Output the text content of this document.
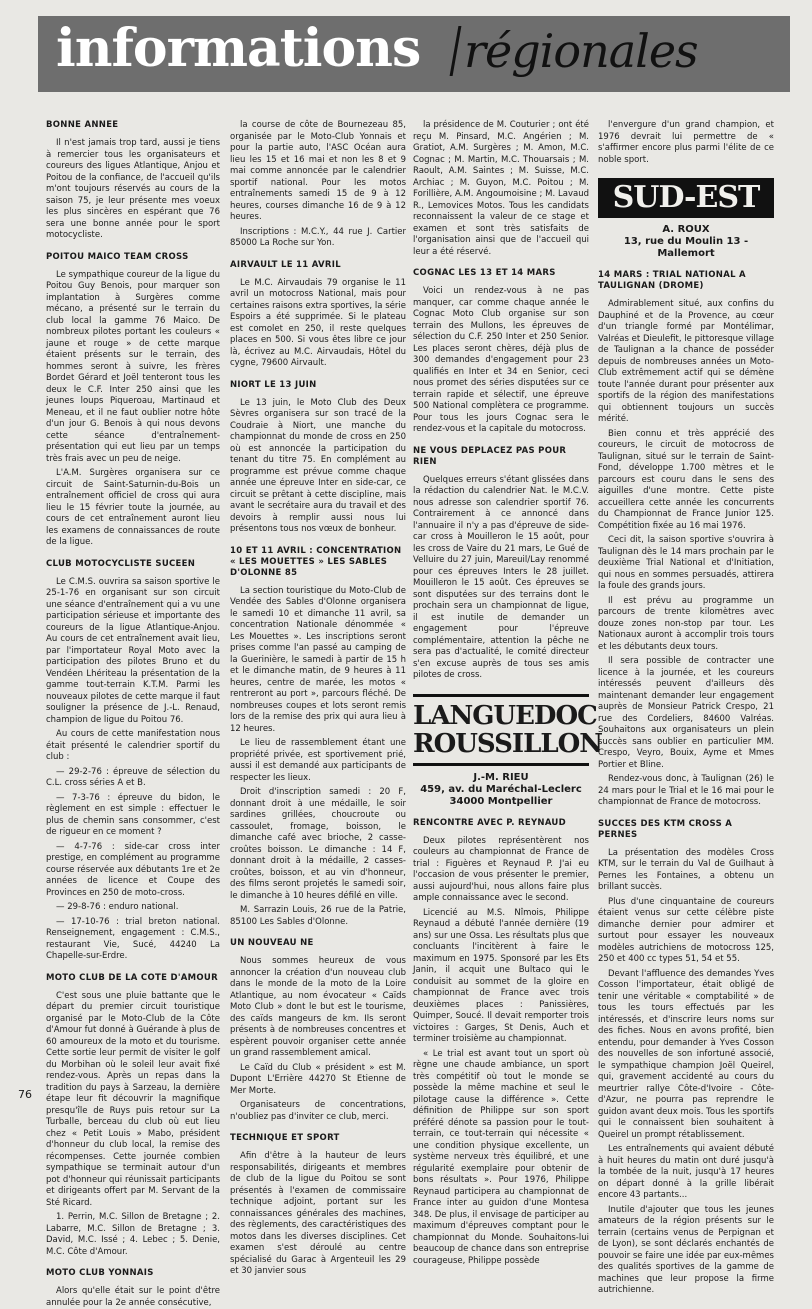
informations régionales
BONNE ANNEE

Il n'est jamais trop tard, aussi je tiens à remercier tous les organisateurs et coureurs des ligues Atlantique, Anjou et Poitou de la confiance, de l'accueil qu'ils m'ont toujours réservés au cours de la saison 75, je leur présente mes voeux les plus sincères en espérant que 76 sera une bonne année pour le sport motocycliste.

POITOU MAICO TEAM CROSS

Le sympathique coureur de la ligue du Poitou Guy Benois, pour marquer son implantation à Surgères comme mécano, a présenté sur le terrain du club local la gamme 76 Maico. De nombreux pilotes portant les couleurs « jaune et rouge » de cette marque étaient présents sur le terrain, des hommes seront à suivre, les frères Bordet Gérard et Joël tenteront tous les deux le C.F. Inter 250 ainsi que les jeunes loups Piqueroau, Martinaud et Meneau, et il ne faut oublier notre hôte d'un jour G. Benois à qui nous devons cette séance d'entraînement-présentation qui eut lieu par un temps très frais avec un peu de neige.

L'A.M. Surgères organisera sur ce circuit de Saint-Saturnin-du-Bois un entraînement officiel de cross qui aura lieu le 15 février toute la journée, au cours de cet entraînement auront lieu les examens de connaissances de route de la ligue.

CLUB MOTOCYCLISTE SUCEEN

Le C.M.S. ouvrira sa saison sportive le 25-1-76 en organisant sur son circuit une séance d'entraînement qui a vu une participation sérieuse et importante des coureurs de la ligue Atlantique-Anjou. Au cours de cet entraînement avait lieu, par l'importateur Royal Moto avec la participation des pilotes Bruno et du Vendéen Lhériteau la présentation de la gamme tout-terrain K.T.M. Parmi les nouveaux pilotes de cette marque il faut souligner la présence de J.-L. Renaud, champion de ligue du Poitou 76.

Au cours de cette manifestation nous était présenté le calendrier sportif du club :

— 29-2-76 : épreuve de sélection du C.L. cross séries A et B.

— 7-3-76 : épreuve du bidon, le règlement en est simple : effectuer le plus de chemin sans consommer, c'est de rigueur en ce moment ?

— 4-7-76 : side-car cross inter prestige, en complément au programme course réservée aux débutants 1re et 2e années de licence et Coupe des Provinces en 250 de moto-cross.

— 29-8-76 : enduro national.

— 17-10-76 : trial breton national. Renseignement, engagement : C.M.S., restaurant Vie, Sucé, 44240 La Chapelle-sur-Erdre.

MOTO CLUB DE LA COTE D'AMOUR

C'est sous une pluie battante que le départ du premier circuit touristique organisé par le Moto-Club de la Côte d'Amour fut donné à Guérande à plus de 60 amoureux de la moto et du tourisme. Cette sortie leur permit de visiter le golf du Morbihan où le soleil leur avait fixé rendez-vous. Après un repas dans la tradition du pays à Sarzeau, la dernière étape leur fit découvrir la magnifique presqu'île de Ruys puis retour sur La Turballe, berceau du club où eut lieu chez « Petit Louis » Mabo, président d'honneur du club local, la remise des récompenses. Cette journée combien sympathique se terminait autour d'un pot d'honneur qui réunissait participants et dirigeants offert par M. Servant de la Sté Ricard.

1. Perrin, M.C. Sillon de Bretagne ; 2. Labarre, M.C. Sillon de Bretagne ; 3. David, M.C. Issé ; 4. Lebec ; 5. Denie, M.C. Côte d'Amour.

MOTO CLUB YONNAIS

Alors qu'elle était sur le point d'être annulée pour la 2e année consécutive,

la course de côte de Bournezeau 85, organisée par le Moto-Club Yonnais et pour la partie auto, l'ASC Océan aura lieu les 15 et 16 mai et non les 8 et 9 mai comme annoncée par le calendrier sportif national. Pour les motos entraînements samedi 15 de 9 à 12 heures, courses dimanche 16 de 9 à 12 heures.

Inscriptions : M.C.Y., 44 rue J. Cartier 85000 La Roche sur Yon.

AIRVAULT LE 11 AVRIL

Le M.C. Airvaudais 79 organise le 11 avril un motocross National, mais pour certaines raisons extra sportives, la série Espoirs a été supprimée. Si le plateau est comolet en 250, il reste quelques places en 500. Si vous êtes libre ce jour là, écrivez au M.C. Airvaudais, Hôtel du cygne, 79600 Airvault.

NIORT LE 13 JUIN

Le 13 juin, le Moto Club des Deux Sèvres organisera sur son tracé de la Coudraie à Niort, une manche du championnat du monde de cross en 250 où est annoncée la participation du tenant du titre 75. En complément au programme est prévue comme chaque année une épreuve Inter en side-car, ce circuit se prêtant à cette discipline, mais avant le secrétaire aura du travail et des devoirs à remplir aussi nous lui présentons tous nos vœux de bonheur.

10 ET 11 AVRIL : CONCENTRATION « LES MOUETTES » LES SABLES D'OLONNE 85

La section touristique du Moto-Club de Vendée des Sables d'Olonne organisera le samedi 10 et dimanche 11 avril, sa concentration Nationale dénommée « Les Mouettes ». Les inscriptions seront prises comme l'an passé au camping de la Guerinière, le samedi à partir de 15 h et le dimanche matin, de 9 heures à 11 heures, centre de marée, les motos « rentreront au port », parcours fléché. De nombreuses coupes et lots seront remis lors de la remise des prix qui aura lieu à 12 heures.

Le lieu de rassemblement étant une propriété privée, est sportivement prié, aussi il est demandé aux participants de respecter les lieux.

Droit d'inscription samedi : 20 F, donnant droit à une médaille, le soir sardines grillées, choucroute ou cassoulet, fromage, boisson, le dimanche café avec brioche, 2 casse-croûtes boisson. Le dimanche : 14 F, donnant droit à la médaille, 2 casses-croûtes, boisson, et au vin d'honneur, des films seront projetés le samedi soir, le dimanche à 10 heures défilé en ville.

M. Sarrazin Louis, 26 rue de la Patrie, 85100 Les Sables d'Olonne.

UN NOUVEAU NE

Nous sommes heureux de vous annoncer la création d'un nouveau club dans le monde de la moto de la Loire Atlantique, au nom évocateur « Caïds Moto Club » dont le but est le tourisme, des caïds mangeurs de km. Ils seront présents à de nombreuses concentres et espèrent pouvoir organiser cette année un grand rassemblement amical.

Le Caïd du Club « président » est M. Dupont L'Errière 44270 St Etienne de Mer Morte.

Organisateurs de concentrations, n'oubliez pas d'inviter ce club, merci.

TECHNIQUE ET SPORT

Afin d'être à la hauteur de leurs responsabilités, dirigeants et membres de club de la ligue du Poitou se sont présentés à l'examen de commissaire technique adjoint, portant sur les connaissances générales des machines, des règlements, des caractéristiques des motos dans les diverses disciplines. Cet examen s'est déroulé au centre spécialisé du Garac à Argenteuil les 29 et 30 janvier sous

la présidence de M. Couturier ; ont été reçu M. Pinsard, M.C. Angérien ; M. Gratiot, A.M. Surgères ; M. Amon, M.C. Cognac ; M. Martin, M.C. Thouarsais ; M. Raoult, A.M. Saintes ; M. Suisse, M.C. Archiac ; M. Guyon, M.C. Poitou ; M. Forillière, A.M. Angoumoisine ; M. Lavaud R., Lemovices Motos. Tous les candidats reconnaissent la valeur de ce stage et examen et sont très satisfaits de l'organisation ainsi que de l'accueil qui leur a été réservé.

COGNAC LES 13 ET 14 MARS

Voici un rendez-vous à ne pas manquer, car comme chaque année le Cognac Moto Club organise sur son terrain des Mullons, les épreuves de sélection du C.F. 250 Inter et 250 Senior. Les places seront chères, déjà plus de 300 demandes d'engagement pour 23 qualifiés en Inter et 34 en Senior, ceci nous promet des séries disputées sur ce terrain rapide et sélectif, une épreuve 500 National complètera ce programme. Pour tous les jours Cognac sera le rendez-vous et la capitale du motocross.

NE VOUS DEPLACEZ PAS POUR RIEN

Quelques erreurs s'étant glissées dans la rédaction du calendrier Nat. le M.C.V. nous adresse son calendrier sportif 76. Contrairement à ce annoncé dans l'annuaire il n'y a pas d'épreuve de side-car cross à Mouilleron le 15 août, pour les cross de Vaire du 21 mars, Le Gué de Velluire du 27 juin, Mareuil/Lay renommé pour ces épreuves Inters le 28 juillet. Mouilleron le 15 août. Ces épreuves se sont disputées sur des terrains dont le prochain sera un championnat de ligue, il est inutile de demander un engagement pour l'épreuve complémentaire, attention la pêche ne sera pas d'actualité, le comité directeur s'en excuse auprès de tous ses amis pilotes de cross.

LANGUEDOC ROUSSILLON
J.-M. RIEU
459, av. du Maréchal-Leclerc 34000 Montpellier
RENCONTRE AVEC P. REYNAUD

Deux pilotes représentèrent nos couleurs au championnat de France de trial : Figuères et Reynaud P. J'ai eu l'occasion de vous présenter le premier, aussi aujourd'hui, nous allons faire plus ample connaissance avec le second.

Licencié au M.S. Nîmois, Philippe Reynaud a débuté l'année dernière (19 ans) sur une Ossa. Les résultats plus que concluants l'incitèrent à faire le maximum en 1975. Sponsoré par les Ets Janin, il acquit une Bultaco qui le conduisit au sommet de la gloire en championnat de France avec trois deuxièmes places : Panissières, Quimper, Soucé. Il devait remporter trois victoires : Garges, St Denis, Auch et terminer troisième au championnat.

« Le trial est avant tout un sport où règne une chaude ambiance, un sport très compétitif où tout le monde se possède la même machine et seul le pilotage cause la différence ». Cette définition de Philippe sur son sport préféré dénote sa passion pour le tout-terrain, ce tout-terrain qui nécessite « une condition physique excellente, un système nerveux très équilibré, et une régularité exemplaire pour obtenir de bons résultats ». Pour 1976, Philippe Reynaud participera au championnat de France inter au guidon d'une Montesa 348. De plus, il envisage de participer au maximum d'épreuves comptant pour le championnat du Monde. Souhaitons-lui beaucoup de chance dans son entreprise courageuse, Philippe possède

l'envergure d'un grand champion, et 1976 devrait lui permettre de « s'affirmer encore plus parmi l'élite de ce noble sport.

SUD-EST
A. ROUX
13, rue du Moulin 13 - Mallemort
14 MARS : TRIAL NATIONAL A TAULIGNAN (DROME)

Admirablement situé, aux confins du Dauphiné et de la Provence, au cœur d'un triangle formé par Montélimar, Valréas et Dieulefit, le pittoresque village de Taulignan a la chance de posséder depuis de nombreuses années un Moto-Club extrêmement actif qui se démène toute l'année durant pour présenter aux sportifs de la région des manifestations qui obtiennent toujours un succès mérité.

Bien connu et très apprécié des coureurs, le circuit de motocross de Taulignan, situé sur le terrain de Saint-Fond, développe 1.700 mètres et le parcours est couru dans le sens des aiguilles d'une montre. Cette piste accueillera cette année les concurrents du Championnat de France Junior 125. Compétition fixée au 16 mai 1976.

Ceci dit, la saison sportive s'ouvrira à Taulignan dès le 14 mars prochain par le deuxième Trial National et d'Initiation, qui nous en sommes persuadés, attirera la foule des grands jours.

Il est prévu au programme un parcours de trente kilomètres avec douze zones non-stop par tour. Les Nationaux auront à accomplir trois tours et les débutants deux tours.

Il sera possible de contracter une licence à la journée, et les coureurs intéressés peuvent d'ailleurs dès maintenant demander leur engagement auprès de Monsieur Patrick Crespo, 21 rue des Cordeliers, 84600 Valréas. Souhaitons aux organisateurs un plein succès sans oublier en particulier MM. Crespo, Veyro, Bouix, Ayme et Mmes Portier et Bline.

Rendez-vous donc, à Taulignan (26) le 24 mars pour le Trial et le 16 mai pour le championnat de France de motocross.

SUCCES DES KTM CROSS A PERNES

La présentation des modèles Cross KTM, sur le terrain du Val de Guilhaut à Pernes les Fontaines, a obtenu un brillant succès.

Plus d'une cinquantaine de coureurs étaient venus sur cette célèbre piste dimanche dernier pour admirer et surtout pour essayer les nouveaux modèles autrichiens de motocross 125, 250 et 400 cc types 51, 54 et 55.

Devant l'affluence des demandes Yves Cosson l'importateur, était obligé de tenir une véritable « comptabilité » de tous les tours effectués par les intéressés, et d'inscrire leurs noms sur des fiches. Nous en avons profité, bien entendu, pour demander à Yves Cosson des nouvelles de son infortuné associé, le sympathique champion Joël Queirel, qui, gravement accidenté au cours du meurtrier rallye Côte-d'Ivoire - Côte-d'Azur, ne pourra pas reprendre le guidon avant deux mois. Tous les sportifs qui le connaissent bien souhaitent à Queirel un prompt rétablissement.

Les entraînements qui avaient débuté à huit heures du matin ont duré jusqu'à la tombée de la nuit, jusqu'à 17 heures on départ donné à la grille libérait encore 43 partants...

Inutile d'ajouter que tous les jeunes amateurs de la région présents sur le terrain (certains venus de Perpignan et de Lyon), se sont déclarés enchantés de pouvoir se faire une idée par eux-mêmes des qualités sportives de la gamme de machines que leur propose la firme autrichienne.

76
